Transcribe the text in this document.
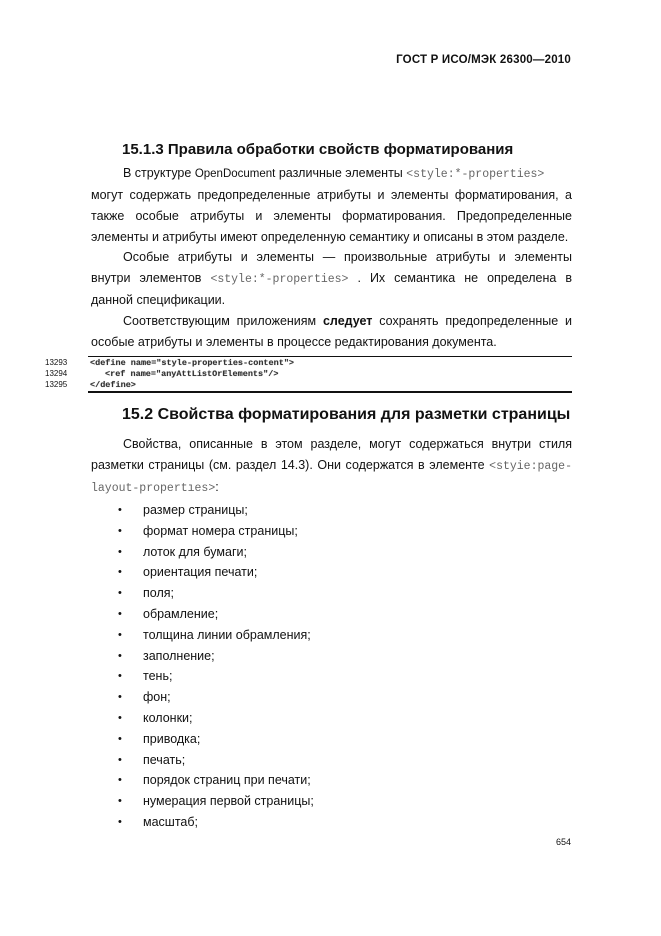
ГОСТ Р ИСО/МЭК 26300—2010
15.1.3 Правила обработки свойств форматирования
В структуре OpenDocument различные элементы <style:*-properties>
могут содержать предопределенные атрибуты и элементы форматирования, а также особые атрибуты и элементы форматирования. Предопределенные элементы и атрибуты имеют определенную семантику и описаны в этом разделе.
Особые атрибуты и элементы — произвольные атрибуты и элементы внутри элементов <style:*-properties> . Их семантика не определена в данной спецификации.
Соответствующим приложениям следует сохранять предопределенные и особые атрибуты и элементы в процессе редактирования документа.
13293	<define name="style-properties-content">
13294	<ref name="anyAttListOrElements"/>
13295	</define>
15.2 Свойства форматирования для разметки страницы
Свойства, описанные в этом разделе, могут содержаться внутри стиля разметки страницы (см. раздел 14.3). Они содержатся в элементе <styie:page-layout-propertıes>:
• размер страницы;
• формат номера страницы;
• лоток для бумаги;
• ориентация печати;
• поля;
• обрамление;
• толщина линии обрамления;
• заполнение;
• тень;
• фон;
• колонки;
• приводка;
• печать;
• порядок страниц при печати;
• нумерация первой страницы;
• масштаб;
654
